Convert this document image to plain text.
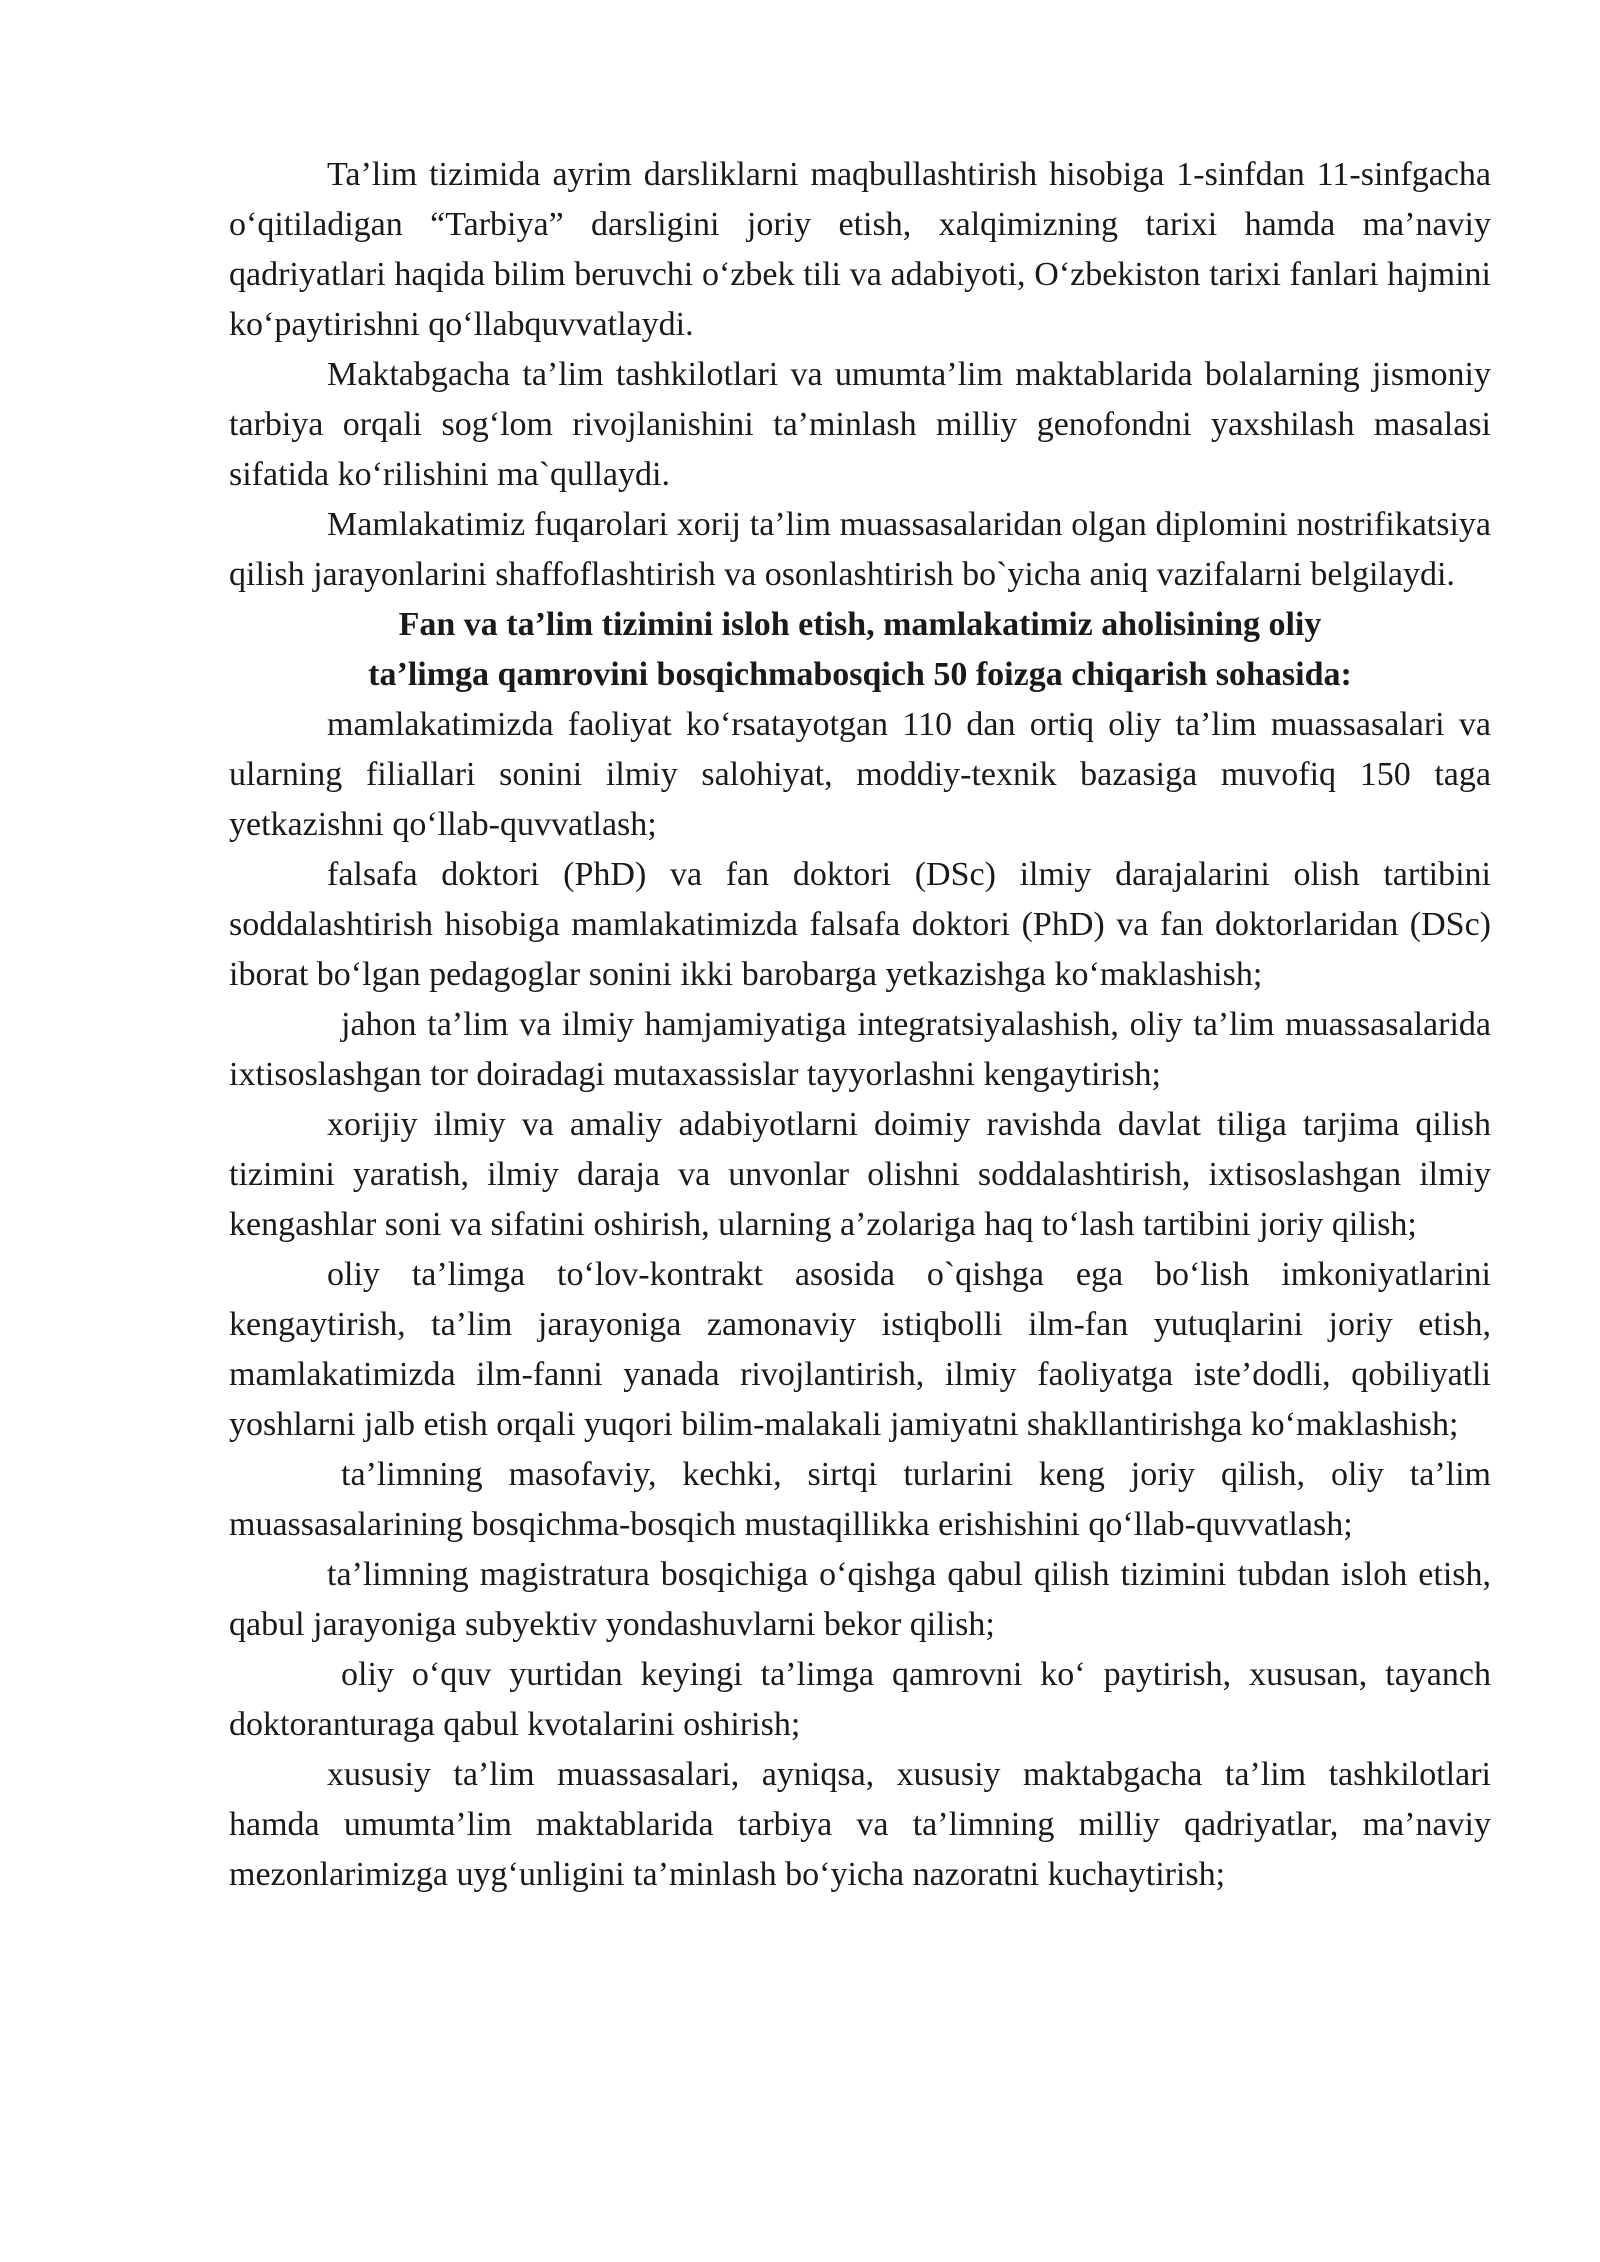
Ta’lim tizimida ayrim darsliklarni maqbullashtirish hisobiga 1-sinfdan 11-sinfgacha o‘qitiladigan “Tarbiya” darsligini joriy etish, xalqimizning tarixi hamda ma’naviy qadriyatlari haqida bilim beruvchi o‘zbek tili va adabiyoti, O‘zbekiston tarixi fanlari hajmini ko‘paytirishni qo‘llabquvvatlaydi.

Maktabgacha ta’lim tashkilotlari va umumta’lim maktablarida bolalarning jismoniy tarbiya orqali sog‘lom rivojlanishini ta’minlash milliy genofondni yaxshilash masalasi sifatida ko‘rilishini ma`qullaydi.

Mamlakatimiz fuqarolari xorij ta’lim muassasalaridan olgan diplomini nostrifikatsiya qilish jarayonlarini shaffoflashtirish va osonlashtirish bo`yicha aniq vazifalarni belgilaydi.

Fan va ta’lim tizimini isloh etish, mamlakatimiz aholisining oliy
ta’limga qamrovini bosqichmabosqich 50 foizga chiqarish sohasida:

mamlakatimizda faoliyat ko‘rsatayotgan 110 dan ortiq oliy ta’lim muassasalari va ularning filiallari sonini ilmiy salohiyat, moddiy-texnik bazasiga muvofiq 150 taga yetkazishni qo‘llab-quvvatlash;

falsafa doktori (PhD) va fan doktori (DSc) ilmiy darajalarini olish tartibini soddalashtirish hisobiga mamlakatimizda falsafa doktori (PhD) va fan doktorlaridan (DSc) iborat bo‘lgan pedagoglar sonini ikki barobarga yetkazishga ko‘maklashish;

jahon ta’lim va ilmiy hamjamiyatiga integratsiyalashish, oliy ta’lim muassasalarida ixtisoslashgan tor doiradagi mutaxassislar tayyorlashni kengaytirish;

xorijiy ilmiy va amaliy adabiyotlarni doimiy ravishda davlat tiliga tarjima qilish tizimini yaratish, ilmiy daraja va unvonlar olishni soddalashtirish, ixtisoslashgan ilmiy kengashlar soni va sifatini oshirish, ularning a’zolariga haq to‘lash tartibini joriy qilish;

oliy ta’limga to‘lov-kontrakt asosida o`qishga ega bo‘lish imkoniyatlarini kengaytirish, ta’lim jarayoniga zamonaviy istiqbolli ilm-fan yutuqlarini joriy etish, mamlakatimizda ilm-fanni yanada rivojlantirish, ilmiy faoliyatga iste’dodli, qobiliyatli yoshlarni jalb etish orqali yuqori bilim-malakali jamiyatni shakllantirishga ko‘maklashish;

ta’limning masofaviy, kechki, sirtqi turlarini keng joriy qilish, oliy ta’lim muassasalarining bosqichma-bosqich mustaqillikka erishishini qo‘llab-quvvatlash;

ta’limning magistratura bosqichiga o‘qishga qabul qilish tizimini tubdan isloh etish, qabul jarayoniga subyektiv yondashuvlarni bekor qilish;

oliy o‘quv yurtidan keyingi ta’limga qamrovni ko‘ paytirish, xususan, tayanch doktoranturaga qabul kvotalarini oshirish;

xususiy ta’lim muassasalari, ayniqsa, xususiy maktabgacha ta’lim tashkilotlari hamda umumta’lim maktablarida tarbiya va ta’limning milliy qadriyatlar, ma’naviy mezonlarimizga uyg‘unligini ta’minlash bo‘yicha nazoratni kuchaytirish;
